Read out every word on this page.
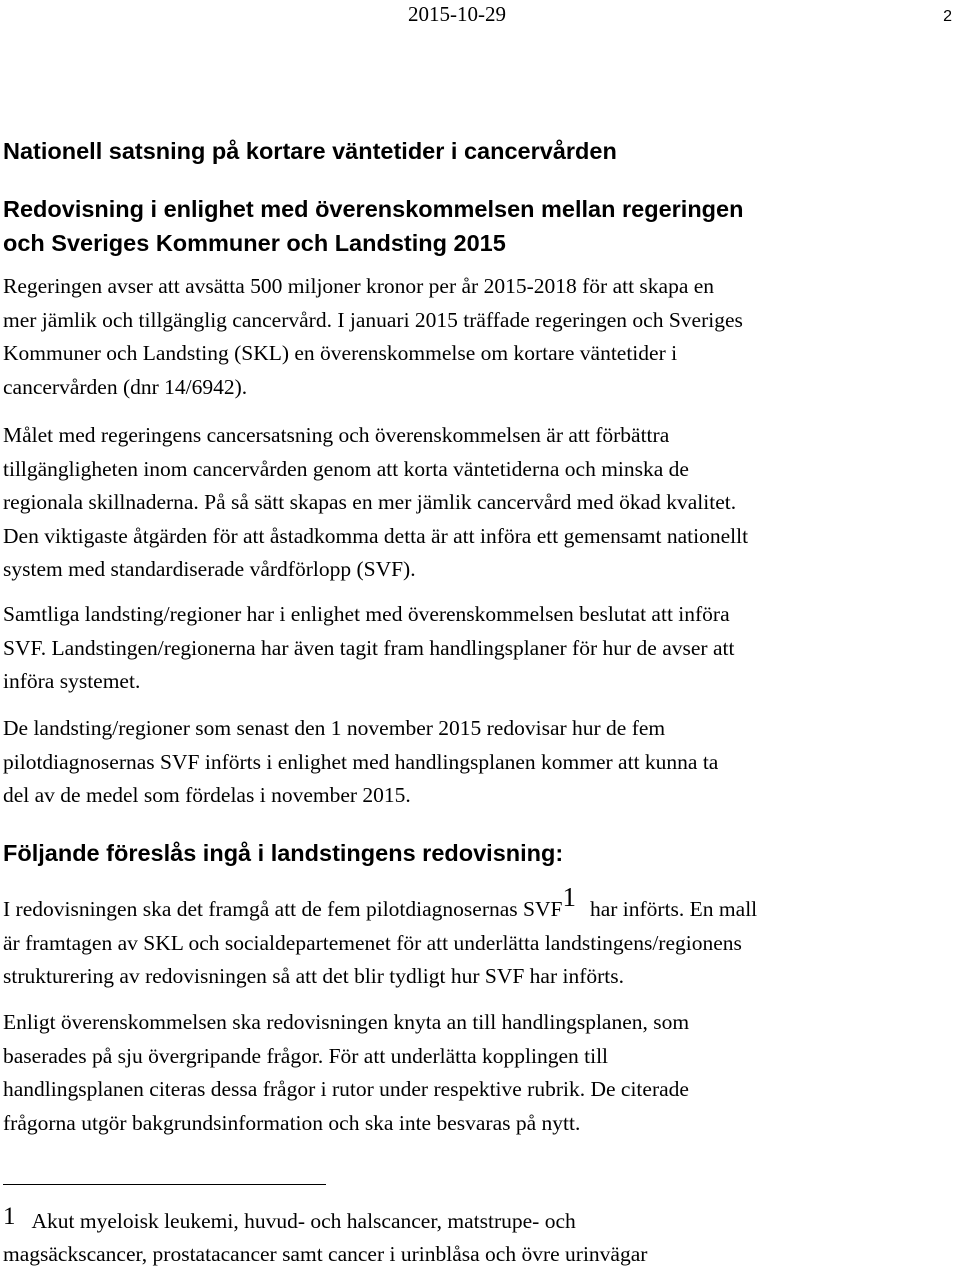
2015-10-29	2
Nationell satsning på kortare väntetider i cancervården
Redovisning i enlighet med överenskommelsen mellan regeringen
och Sveriges Kommuner och Landsting 2015
Regeringen avser att avsätta 500 miljoner kronor per år 2015-2018 för att skapa en
mer jämlik och tillgänglig cancervård. I januari 2015 träffade regeringen och Sveriges
Kommuner och Landsting (SKL) en överenskommelse om kortare väntetider i
cancervården (dnr 14/6942).
Målet med regeringens cancersatsning och överenskommelsen är att förbättra
tillgängligheten inom cancervården genom att korta väntetiderna och minska de
regionala skillnaderna. På så sätt skapas en mer jämlik cancervård med ökad kvalitet.
Den viktigaste åtgärden för att åstadkomma detta är att införa ett gemensamt nationellt
system med standardiserade vårdförlopp (SVF).
Samtliga landsting/regioner har i enlighet med överenskommelsen beslutat att införa
SVF. Landstingen/regionerna har även tagit fram handlingsplaner för hur de avser att
införa systemet.
De landsting/regioner som senast den 1 november 2015 redovisar hur de fem
pilotdiagnosernas SVF införts i enlighet med handlingsplanen kommer att kunna ta
del av de medel som fördelas i november 2015.
Följande föreslås ingå i landstingens redovisning:
I redovisningen ska det framgå att de fem pilotdiagnosernas SVF1 har införts. En mall
är framtagen av SKL och socialdepartemenet för att underlätta landstingens/regionens
strukturering av redovisningen så att det blir tydligt hur SVF har införts.
Enligt överenskommelsen ska redovisningen knyta an till handlingsplanen, som
baserades på sju övergripande frågor. För att underlätta kopplingen till
handlingsplanen citeras dessa frågor i rutor under respektive rubrik. De citerade
frågorna utgör bakgrundsinformation och ska inte besvaras på nytt.
1 Akut myeloisk leukemi, huvud- och halscancer, matstrupe- och
magsäckscancer, prostatacancer samt cancer i urinblåsa och övre urinvägar
